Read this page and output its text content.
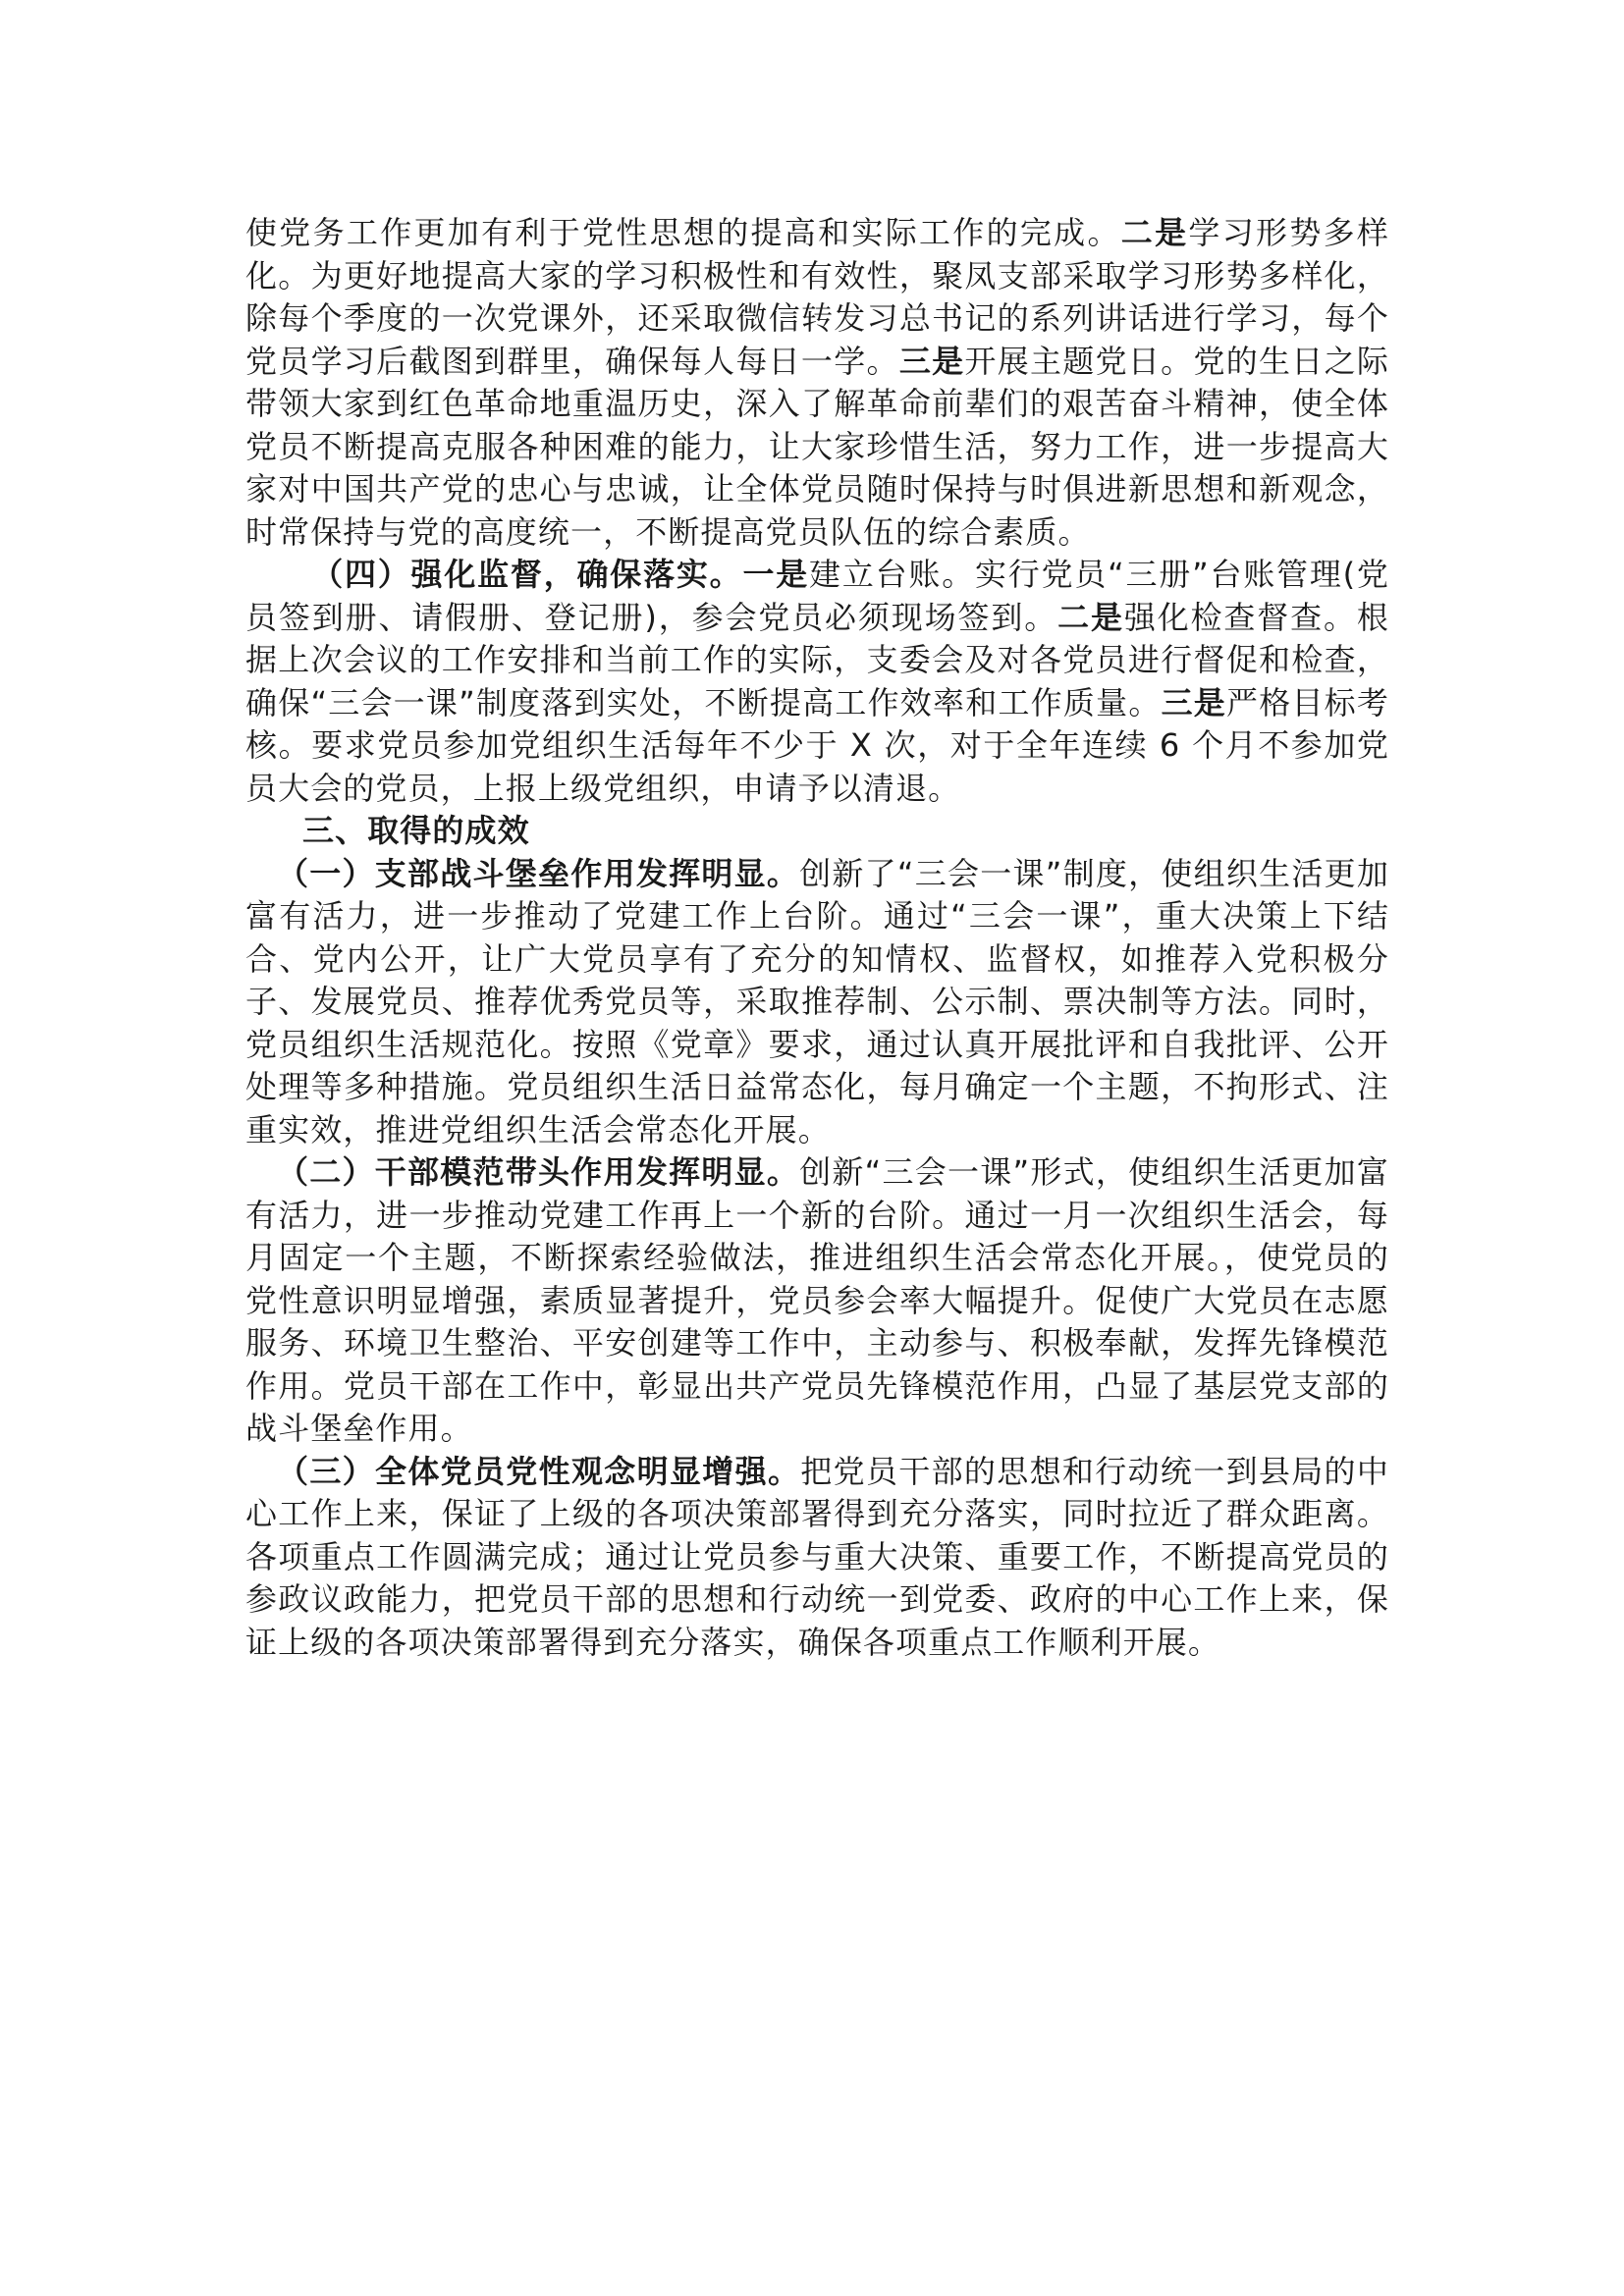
使党务工作更加有利于党性思想的提高和实际工作的完成。二是学习形势多样化。为更好地提高大家的学习积极性和有效性，聚凤支部采取学习形势多样化，除每个季度的一次党课外，还采取微信转发习总书记的系列讲话进行学习，每个党员学习后截图到群里，确保每人每日一学。三是开展主题党日。党的生日之际带领大家到红色革命地重温历史，深入了解革命前辈们的艰苦奋斗精神，使全体党员不断提高克服各种困难的能力，让大家珍惜生活，努力工作，进一步提高大家对中国共产党的忠心与忠诚，让全体党员随时保持与时俱进新思想和新观念，时常保持与党的高度统一，不断提高党员队伍的综合素质。

（四）强化监督，确保落实。一是建立台账。实行党员“三册”台账管理(党员签到册、请假册、登记册)，参会党员必须现场签到。二是强化检查督查。根据上次会议的工作安排和当前工作的实际，支委会及对各党员进行督促和检查，确保“三会一课”制度落到实处，不断提高工作效率和工作质量。三是严格目标考核。要求党员参加党组织生活每年不少于 X 次，对于全年连续 6 个月不参加党员大会的党员，上报上级党组织，申请予以清退。

三、取得的成效

（一）支部战斗堡垒作用发挥明显。创新了“三会一课”制度，使组织生活更加富有活力，进一步推动了党建工作上台阶。通过“三会一课”，重大决策上下结合、党内公开，让广大党员享有了充分的知情权、监督权，如推荐入党积极分子、发展党员、推荐优秀党员等，采取推荐制、公示制、票决制等方法。同时，党员组织生活规范化。按照《党章》要求，通过认真开展批评和自我批评、公开处理等多种措施。党员组织生活日益常态化，每月确定一个主题，不拘形式、注重实效，推进党组织生活会常态化开展。

（二）干部模范带头作用发挥明显。创新“三会一课”形式，使组织生活更加富有活力，进一步推动党建工作再上一个新的台阶。通过一月一次组织生活会，每月固定一个主题，不断探索经验做法，推进组织生活会常态化开展。，使党员的党性意识明显增强，素质显著提升，党员参会率大幅提升。促使广大党员在志愿服务、环境卫生整治、平安创建等工作中，主动参与、积极奉献，发挥先锋模范作用。党员干部在工作中，彰显出共产党员先锋模范作用，凸显了基层党支部的战斗堡垒作用。

（三）全体党员党性观念明显增强。把党员干部的思想和行动统一到县局的中心工作上来，保证了上级的各项决策部署得到充分落实，同时拉近了群众距离。各项重点工作圆满完成；通过让党员参与重大决策、重要工作，不断提高党员的参政议政能力，把党员干部的思想和行动统一到党委、政府的中心工作上来，保证上级的各项决策部署得到充分落实，确保各项重点工作顺利开展。
